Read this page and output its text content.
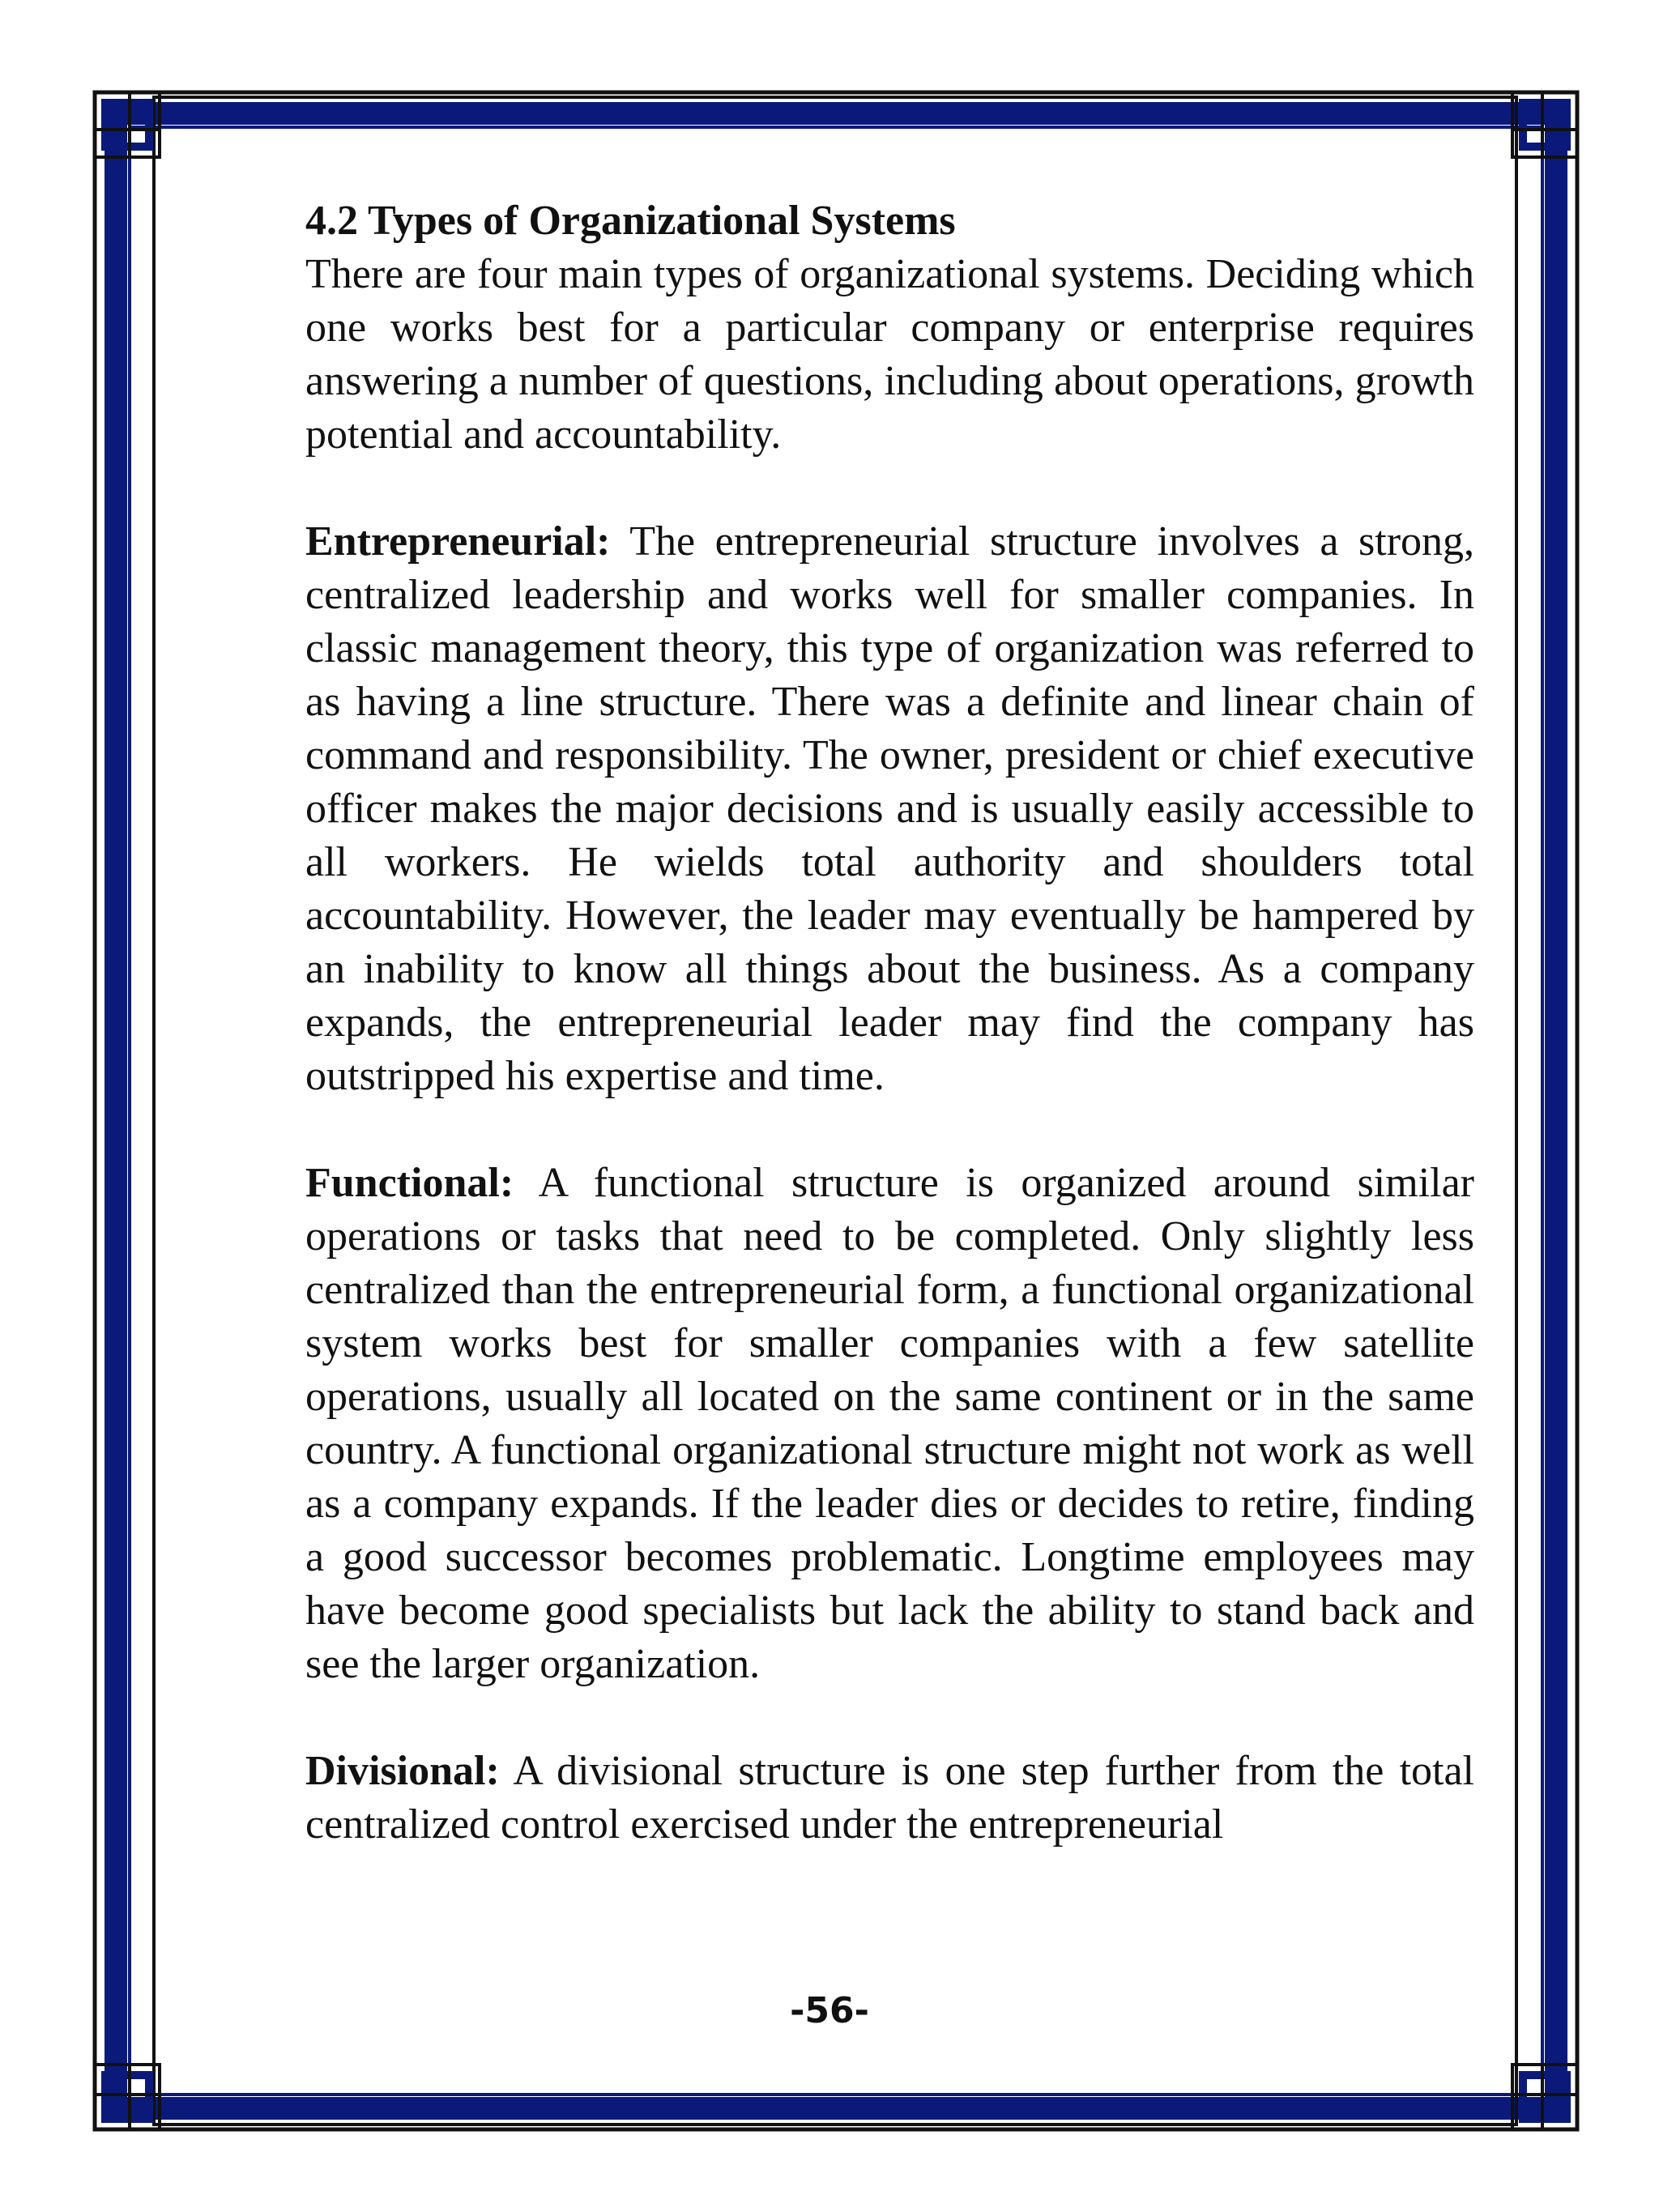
4.2 Types of Organizational Systems

There are four main types of organizational systems. Deciding which one works best for a particular company or enterprise requires answering a number of questions, including about operations, growth potential and accountability.

Entrepreneurial: The entrepreneurial structure involves a strong, centralized leadership and works well for smaller companies. In classic management theory, this type of organization was referred to as having a line structure. There was a definite and linear chain of command and responsibility. The owner, president or chief executive officer makes the major decisions and is usually easily accessible to all workers. He wields total authority and shoulders total accountability. However, the leader may eventually be hampered by an inability to know all things about the business. As a company expands, the entrepreneurial leader may find the company has outstripped his expertise and time.

Functional: A functional structure is organized around similar operations or tasks that need to be completed. Only slightly less centralized than the entrepreneurial form, a functional organizational system works best for smaller companies with a few satellite operations, usually all located on the same continent or in the same country. A functional organizational structure might not work as well as a company expands. If the leader dies or decides to retire, finding a good successor becomes problematic. Longtime employees may have become good specialists but lack the ability to stand back and see the larger organization.

Divisional: A divisional structure is one step further from the total centralized control exercised under the entrepreneurial

-56-
